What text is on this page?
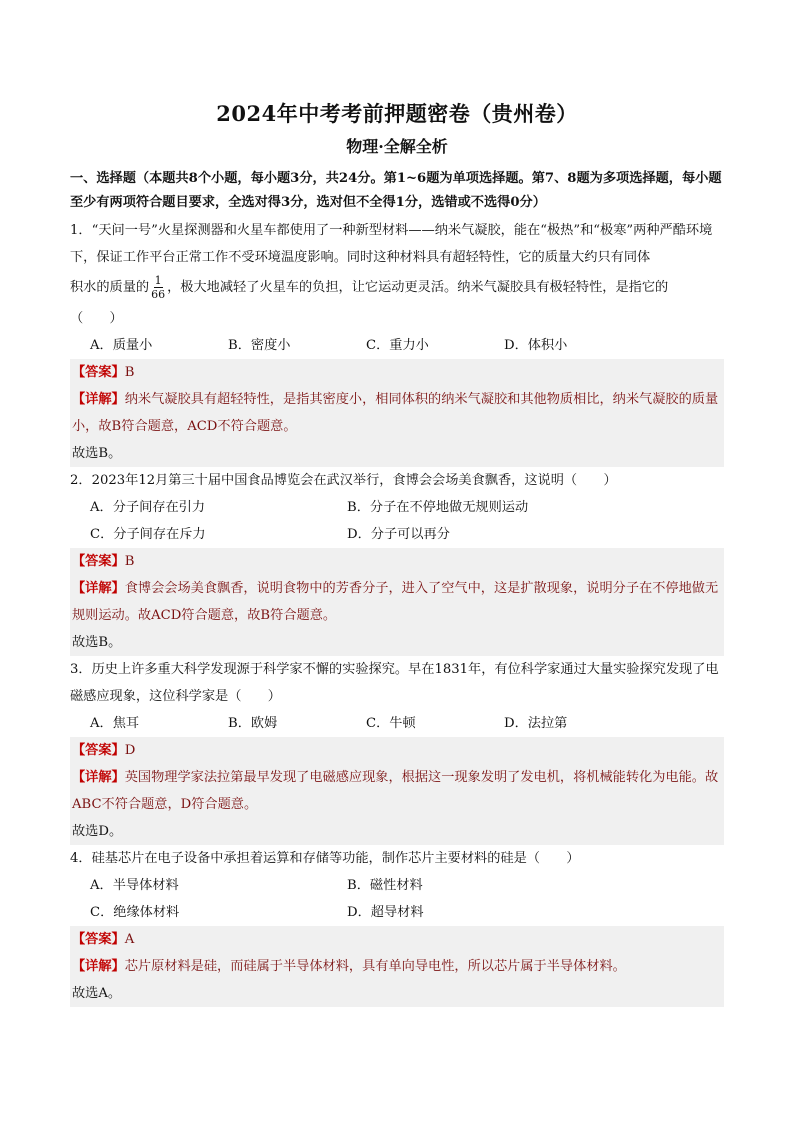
2024年中考考前押题密卷（贵州卷）
物理·全解全析

一、选择题（本题共8个小题，每小题3分，共24分。第1~6题为单项选择题。第7、8题为多项选择题，每小题至少有两项符合题目要求，全选对得3分，选对但不全得1分，选错或不选得0分）

1．“天问一号”火星探测器和火星车都使用了一种新型材料——纳米气凝胶，能在“极热”和“极寒”两种严酷环境下，保证工作平台正常工作不受环境温度影响。同时这种材料具有超轻特性，它的质量大约只有同体

积水的质量的 $\frac{1}{66}$ ，极大地减轻了火星车的负担，让它运动更灵活。纳米气凝胶具有极轻特性，是指它的

（　　）

A．质量小	B．密度小	C．重力小	D．体积小
【答案】B
【详解】纳米气凝胶具有超轻特性，是指其密度小，相同体积的纳米气凝胶和其他物质相比，纳米气凝胶的质量小，故B符合题意，ACD不符合题意。
故选B。

2．2023年12月第三十届中国食品博览会在武汉举行，食博会会场美食飘香，这说明（　　）

A．分子间存在引力	B．分子在不停地做无规则运动
C．分子间存在斥力	D．分子可以再分
【答案】B
【详解】食博会会场美食飘香，说明食物中的芳香分子，进入了空气中，这是扩散现象，说明分子在不停地做无规则运动。故ACD符合题意，故B符合题意。
故选B。

3．历史上许多重大科学发现源于科学家不懈的实验探究。早在1831年，有位科学家通过大量实验探究发现了电磁感应现象，这位科学家是（　　）

A．焦耳	B．欧姆	C．牛顿	D．法拉第
【答案】D
【详解】英国物理学家法拉第最早发现了电磁感应现象，根据这一现象发明了发电机，将机械能转化为电能。故ABC不符合题意，D符合题意。
故选D。

4．硅基芯片在电子设备中承担着运算和存储等功能，制作芯片主要材料的硅是（　　）

A．半导体材料	B．磁性材料
C．绝缘体材料	D．超导材料
【答案】A
【详解】芯片原材料是硅，而硅属于半导体材料，具有单向导电性，所以芯片属于半导体材料。
故选A。
